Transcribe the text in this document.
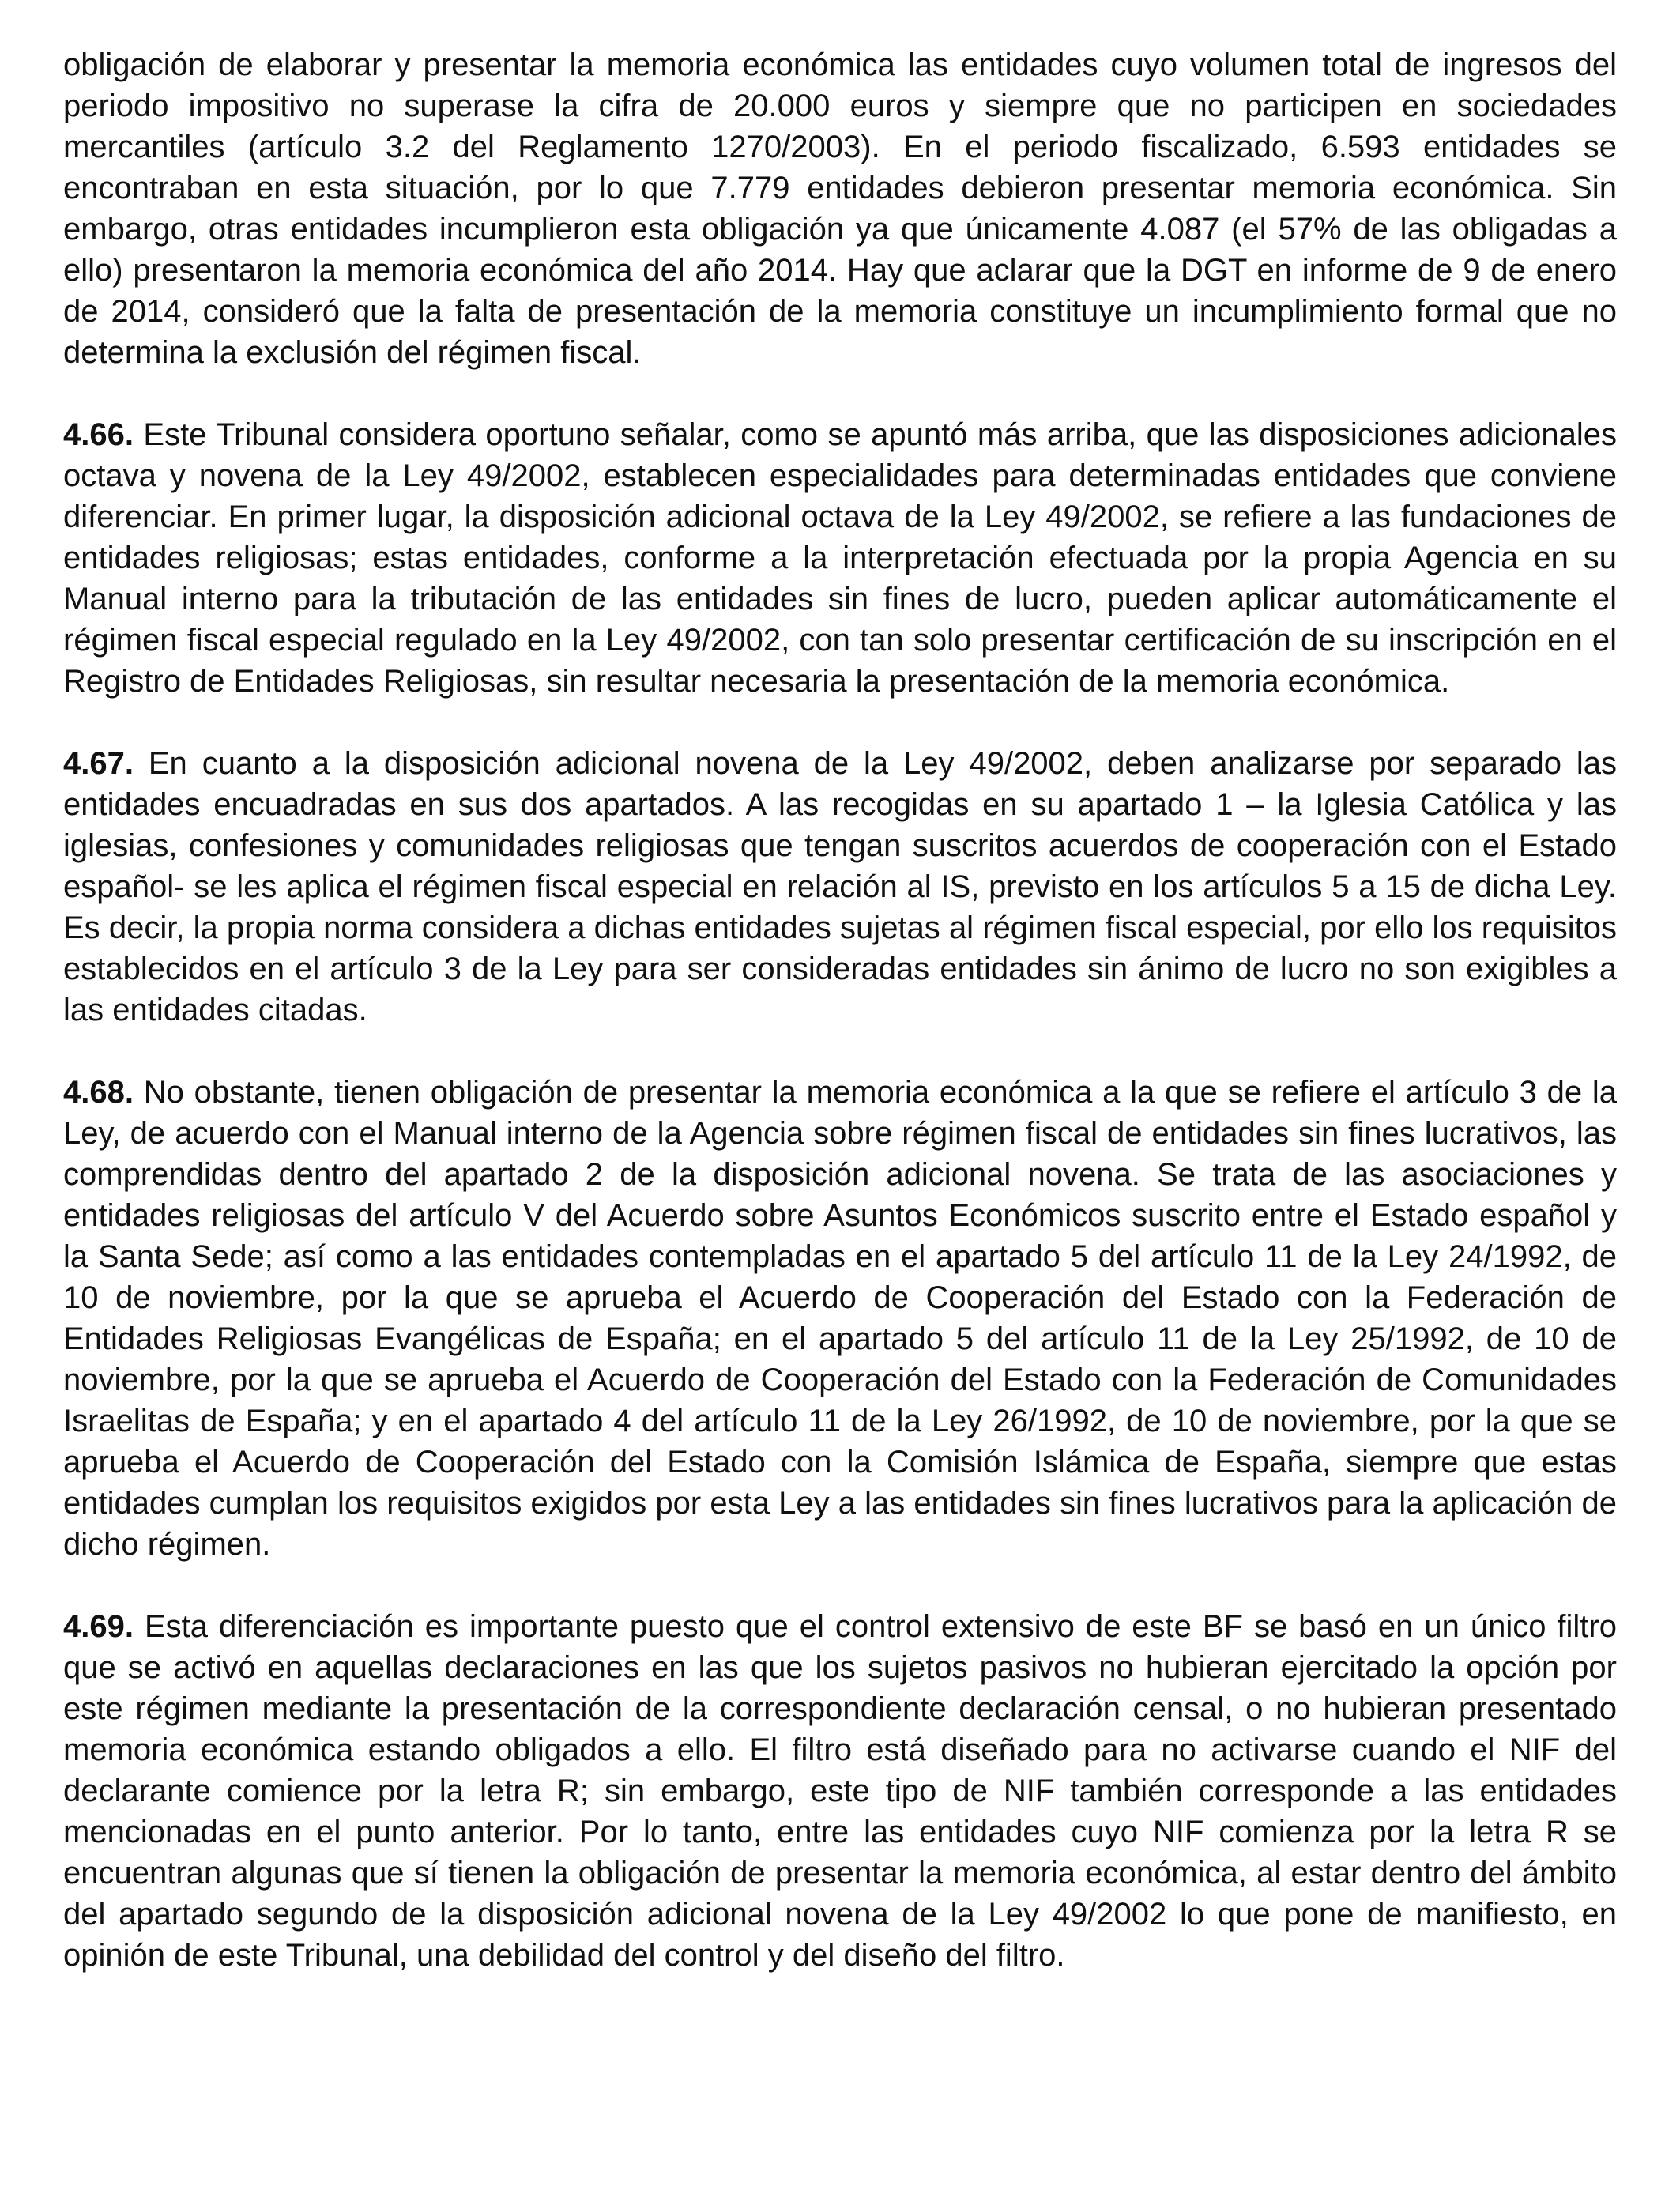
obligación de elaborar y presentar la memoria económica las entidades cuyo volumen total de ingresos del periodo impositivo no superase la cifra de 20.000 euros y siempre que no participen en sociedades mercantiles (artículo 3.2 del Reglamento 1270/2003). En el periodo fiscalizado, 6.593 entidades se encontraban en esta situación, por lo que 7.779 entidades debieron presentar memoria económica. Sin embargo, otras entidades incumplieron esta obligación ya que únicamente 4.087 (el 57% de las obligadas a ello) presentaron la memoria económica del año 2014. Hay que aclarar que la DGT en informe de 9 de enero de 2014, consideró que la falta de presentación de la memoria constituye un incumplimiento formal que no determina la exclusión del régimen fiscal.

4.66. Este Tribunal considera oportuno señalar, como se apuntó más arriba, que las disposiciones adicionales octava y novena de la Ley 49/2002, establecen especialidades para determinadas entidades que conviene diferenciar. En primer lugar, la disposición adicional octava de la Ley 49/2002, se refiere a las fundaciones de entidades religiosas; estas entidades, conforme a la interpretación efectuada por la propia Agencia en su Manual interno para la tributación de las entidades sin fines de lucro, pueden aplicar automáticamente el régimen fiscal especial regulado en la Ley 49/2002, con tan solo presentar certificación de su inscripción en el Registro de Entidades Religiosas, sin resultar necesaria la presentación de la memoria económica.

4.67. En cuanto a la disposición adicional novena de la Ley 49/2002, deben analizarse por separado las entidades encuadradas en sus dos apartados. A las recogidas en su apartado 1 – la Iglesia Católica y las iglesias, confesiones y comunidades religiosas que tengan suscritos acuerdos de cooperación con el Estado español- se les aplica el régimen fiscal especial en relación al IS, previsto en los artículos 5 a 15 de dicha Ley. Es decir, la propia norma considera a dichas entidades sujetas al régimen fiscal especial, por ello los requisitos establecidos en el artículo 3 de la Ley para ser consideradas entidades sin ánimo de lucro no son exigibles a las entidades citadas.

4.68. No obstante, tienen obligación de presentar la memoria económica a la que se refiere el artículo 3 de la Ley, de acuerdo con el Manual interno de la Agencia sobre régimen fiscal de entidades sin fines lucrativos, las comprendidas dentro del apartado 2 de la disposición adicional novena. Se trata de las asociaciones y entidades religiosas del artículo V del Acuerdo sobre Asuntos Económicos suscrito entre el Estado español y la Santa Sede; así como a las entidades contempladas en el apartado 5 del artículo 11 de la Ley 24/1992, de 10 de noviembre, por la que se aprueba el Acuerdo de Cooperación del Estado con la Federación de Entidades Religiosas Evangélicas de España; en el apartado 5 del artículo 11 de la Ley 25/1992, de 10 de noviembre, por la que se aprueba el Acuerdo de Cooperación del Estado con la Federación de Comunidades Israelitas de España; y en el apartado 4 del artículo 11 de la Ley 26/1992, de 10 de noviembre, por la que se aprueba el Acuerdo de Cooperación del Estado con la Comisión Islámica de España, siempre que estas entidades cumplan los requisitos exigidos por esta Ley a las entidades sin fines lucrativos para la aplicación de dicho régimen.

4.69. Esta diferenciación es importante puesto que el control extensivo de este BF se basó en un único filtro que se activó en aquellas declaraciones en las que los sujetos pasivos no hubieran ejercitado la opción por este régimen mediante la presentación de la correspondiente declaración censal, o no hubieran presentado memoria económica estando obligados a ello. El filtro está diseñado para no activarse cuando el NIF del declarante comience por la letra R; sin embargo, este tipo de NIF también corresponde a las entidades mencionadas en el punto anterior. Por lo tanto, entre las entidades cuyo NIF comienza por la letra R se encuentran algunas que sí tienen la obligación de presentar la memoria económica, al estar dentro del ámbito del apartado segundo de la disposición adicional novena de la Ley 49/2002 lo que pone de manifiesto, en opinión de este Tribunal, una debilidad del control y del diseño del filtro.
